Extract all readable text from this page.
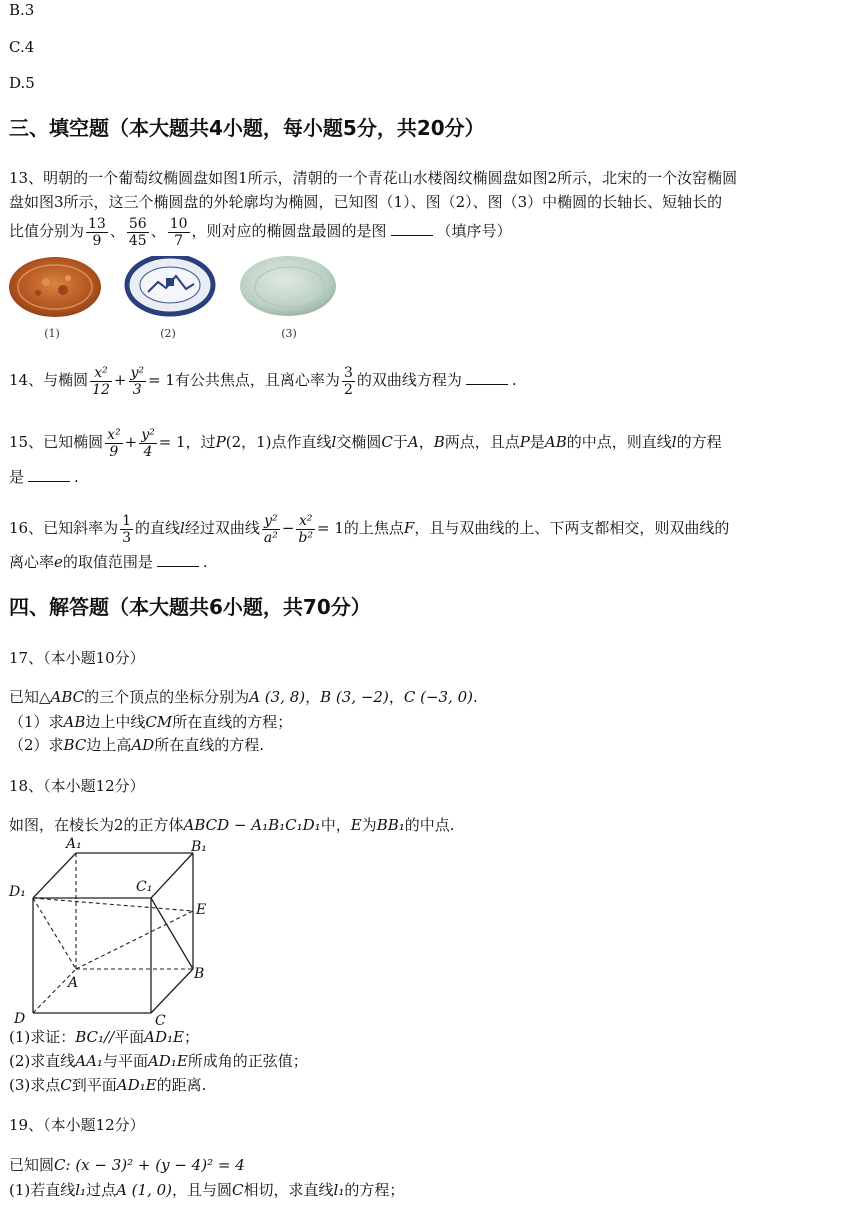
B.3
C.4
D.5
三、填空题（本大题共4小题，每小题5分，共20分）
13、明朝的一个葡萄纹椭圆盘如图1所示，清朝的一个青花山水楼阁纹椭圆盘如图2所示，北宋的一个汝窑椭圆
盘如图3所示，这三个椭圆盘的外轮廓均为椭圆，已知图（1）、图（2）、图（3）中椭圆的长轴长、短轴长的
比值分别为 $\frac{13}{9}$ 、 $\frac{56}{45}$ 、 $\frac{10}{7}$ ，则对应的椭圆盘最圆的是图	（填序号）
(1)	(2)	(3)
14、与椭圆 $\frac{\text{x²}}{12} + \frac{\text{y²}}{3} = 1$有公共焦点，且离心率为 $\frac{3}{2}$ 的双曲线方程为	.
15、已知椭圆 $\frac{\text{x²}}{9} + \frac{\text{y²}}{4} = 1$，过P(2，1)点作直线l交椭圆C于A，B两点，且点P是AB的中点，则直线l的方程
是	.
16、已知斜率为 $\frac{1}{3}$ 的直线l经过双曲线 $\frac{\text{y²}}{\text{a²}} - \frac{\text{x²}}{\text{b²}} = 1$的上焦点F，且与双曲线的上、下两支都相交，则双曲线的
离心率e的取值范围是	.
四、解答题（本大题共6小题，共70分）
17、（本小题10分）
已知△ABC的三个顶点的坐标分别为A (3, 8)，B (3, −2)，C (−3, 0).
（1）求AB边上中线CM所在直线的方程；
（2）求BC边上高AD所在直线的方程.
18、（本小题12分）
如图，在棱长为2的正方体ABCD − A₁B₁C₁D₁中，E为BB₁的中点.
A₁	B₁
C₁
D₁
E
A
B
C
D
(1)求证：BC₁//平面AD₁E；
(2)求直线AA₁与平面AD₁E所成角的正弦值；
(3)求点C到平面AD₁E的距离.
19、（本小题12分）
已知圆C: (x − 3)² + (y − 4)² = 4
(1)若直线l₁过点A (1, 0)，且与圆C相切，求直线l₁的方程；
